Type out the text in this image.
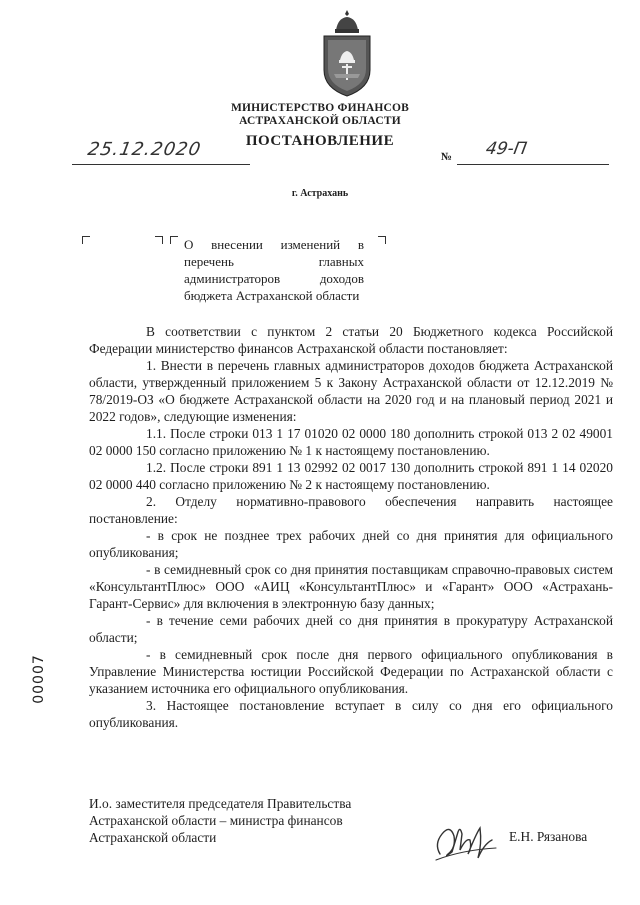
МИНИСТЕРСТВО ФИНАНСОВ
АСТРАХАНСКОЙ ОБЛАСТИ
ПОСТАНОВЛЕНИЕ
25.12.2020	№ 49-П
г. Астрахань
О внесении изменений в перечень главных администраторов доходов бюджета Астраханской области

В соответствии с пунктом 2 статьи 20 Бюджетного кодекса Российской Федерации министерство финансов Астраханской области постановляет:

1. Внести в перечень главных администраторов доходов бюджета Астраханской области, утвержденный приложением 5 к Закону Астраханской области от 12.12.2019 № 78/2019-ОЗ «О бюджете Астраханской области на 2020 год и на плановый период 2021 и 2022 годов», следующие изменения:

1.1. После строки 013 1 17 01020 02 0000 180 дополнить строкой 013 2 02 49001 02 0000 150 согласно приложению № 1 к настоящему постановлению.

1.2. После строки 891 1 13 02992 02 0017 130 дополнить строкой 891 1 14 02020 02 0000 440 согласно приложению № 2 к настоящему постановлению.

2. Отделу нормативно-правового обеспечения направить настоящее постановление:

- в срок не позднее трех рабочих дней со дня принятия для официального опубликования;

- в семидневный срок со дня принятия поставщикам справочно-правовых систем «КонсультантПлюс» ООО «АИЦ «КонсультантПлюс» и «Гарант» ООО «Астрахань-Гарант-Сервис» для включения в электронную базу данных;

- в течение семи рабочих дней со дня принятия в прокуратуру Астраханской области;

- в семидневный срок после дня первого официального опубликования в Управление Министерства юстиции Российской Федерации по Астраханской области с указанием источника его официального опубликования.

3. Настоящее постановление вступает в силу со дня его официального опубликования.

00007
И.о. заместителя председателя Правительства
Астраханской области – министра финансов
Астраханской области	Е.Н. Рязанова
